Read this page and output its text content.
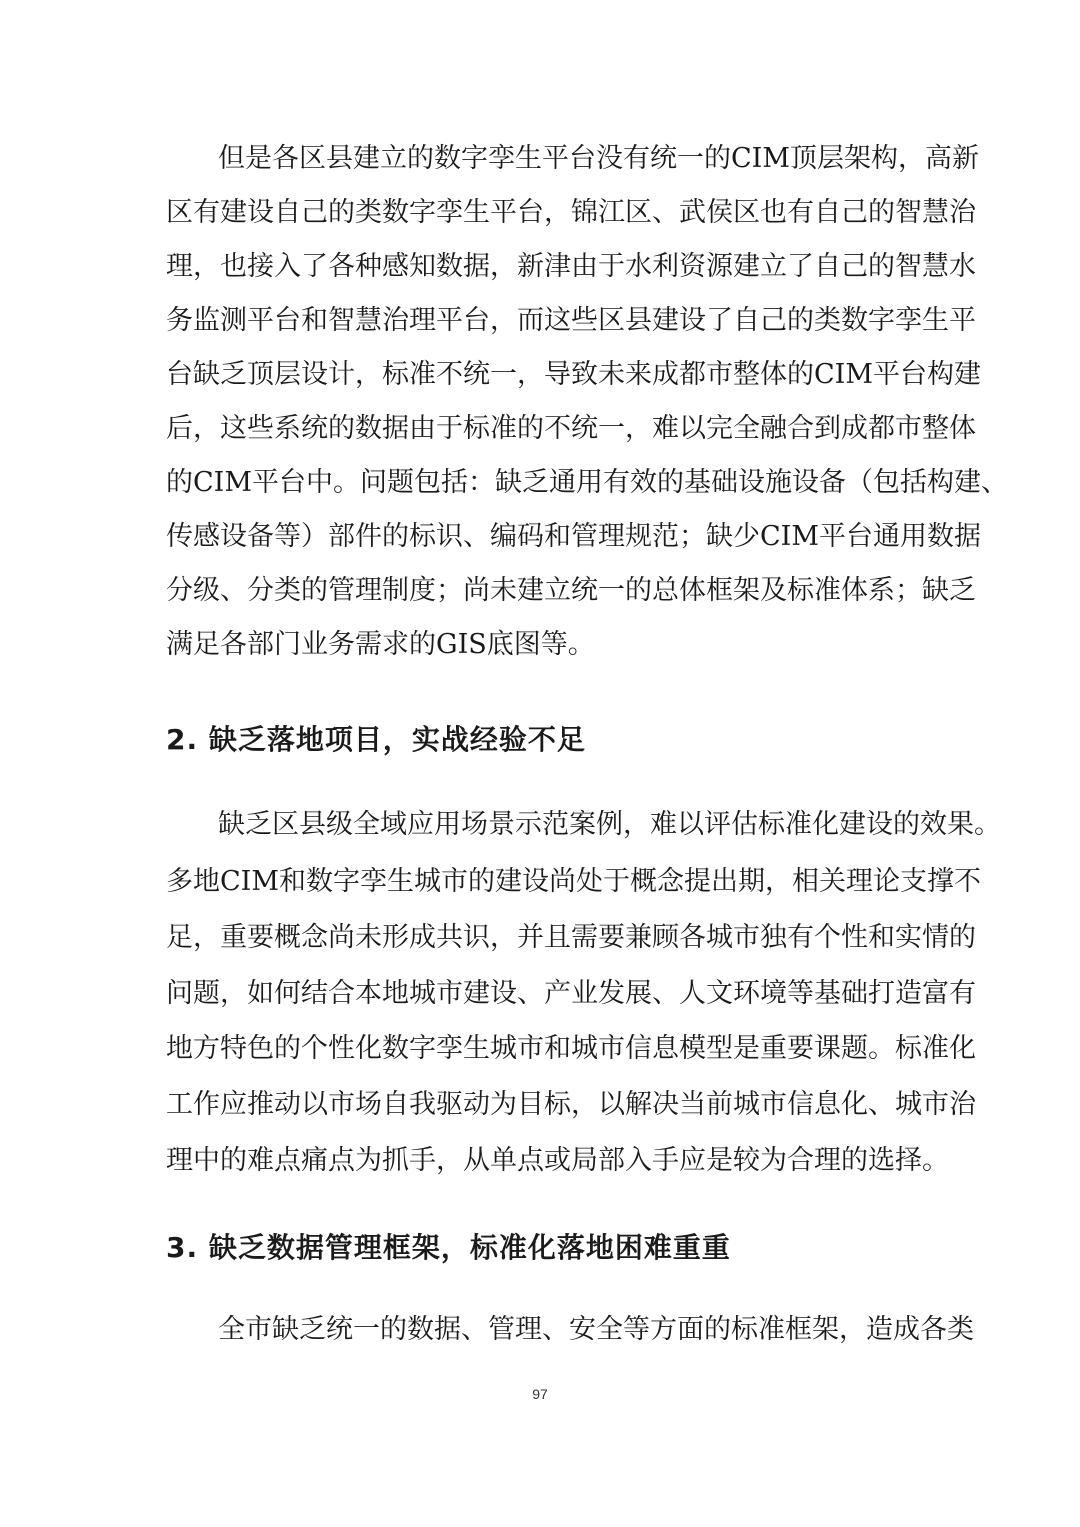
但是各区县建立的数字孪生平台没有统一的CIM顶层架构，高新
区有建设自己的类数字孪生平台，锦江区、武侯区也有自己的智慧治
理，也接入了各种感知数据，新津由于水利资源建立了自己的智慧水
务监测平台和智慧治理平台，而这些区县建设了自己的类数字孪生平
台缺乏顶层设计，标准不统一，导致未来成都市整体的CIM平台构建
后，这些系统的数据由于标准的不统一，难以完全融合到成都市整体
的CIM平台中。问题包括：缺乏通用有效的基础设施设备（包括构建、
传感设备等）部件的标识、编码和管理规范；缺少CIM平台通用数据
分级、分类的管理制度；尚未建立统一的总体框架及标准体系；缺乏
满足各部门业务需求的GIS底图等。
2. 缺乏落地项目，实战经验不足
缺乏区县级全域应用场景示范案例，难以评估标准化建设的效果。
多地CIM和数字孪生城市的建设尚处于概念提出期，相关理论支撑不
足，重要概念尚未形成共识，并且需要兼顾各城市独有个性和实情的
问题，如何结合本地城市建设、产业发展、人文环境等基础打造富有
地方特色的个性化数字孪生城市和城市信息模型是重要课题。标准化
工作应推动以市场自我驱动为目标，以解决当前城市信息化、城市治
理中的难点痛点为抓手，从单点或局部入手应是较为合理的选择。
3. 缺乏数据管理框架，标准化落地困难重重
全市缺乏统一的数据、管理、安全等方面的标准框架，造成各类
97
